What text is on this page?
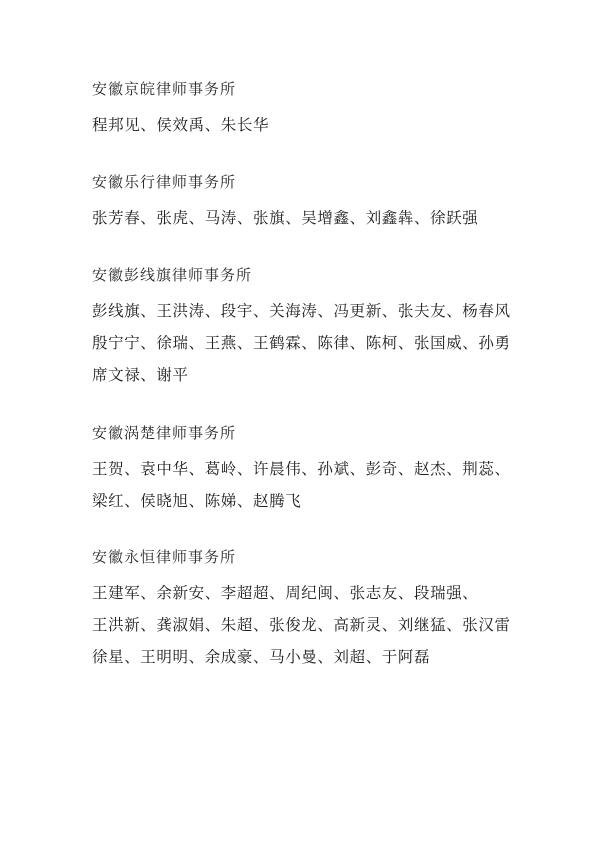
安徽京皖律师事务所
程邦见、侯效禹、朱长华
安徽乐行律师事务所
张芳春、张虎、马涛、张旗、吴增鑫、刘鑫犇、徐跃强
安徽彭线旗律师事务所
彭线旗、王洪涛、段宇、关海涛、冯更新、张夫友、杨春风
殷宁宁、徐瑞、王燕、王鹤霖、陈律、陈柯、张国威、孙勇
席文禄、谢平
安徽涡楚律师事务所
王贺、袁中华、葛岭、许晨伟、孙斌、彭奇、赵杰、荆蕊、
梁红、侯晓旭、陈娣、赵腾飞
安徽永恒律师事务所
王建军、余新安、李超超、周纪闽、张志友、段瑞强、
王洪新、龚淑娟、朱超、张俊龙、高新灵、刘继猛、张汉雷
徐星、王明明、余成豪、马小曼、刘超、于阿磊
